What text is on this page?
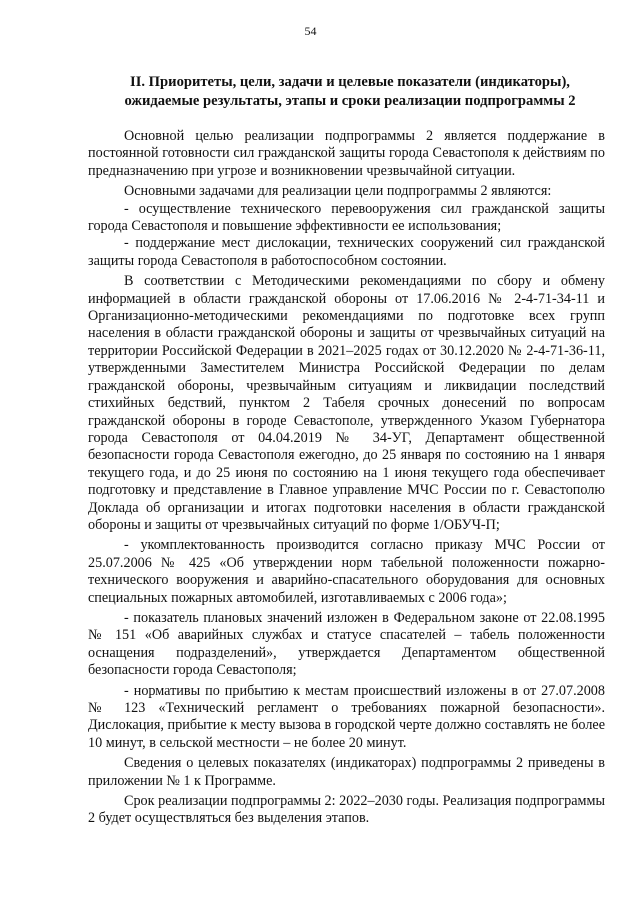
54
II. Приоритеты, цели, задачи и целевые показатели (индикаторы),
ожидаемые результаты, этапы и сроки реализации подпрограммы 2

Основной целью реализации подпрограммы 2 является поддержание в постоянной готовности сил гражданской защиты города Севастополя к действиям по предназначению при угрозе и возникновении чрезвычайной ситуации.

Основными задачами для реализации цели подпрограммы 2 являются:

- осуществление технического перевооружения сил гражданской защиты города Севастополя и повышение эффективности ее использования;

- поддержание мест дислокации, технических сооружений сил гражданской защиты города Севастополя в работоспособном состоянии.

В соответствии с Методическими рекомендациями по сбору и обмену информацией в области гражданской обороны от 17.06.2016 № 2-4-71-34-11 и Организационно-методическими рекомендациями по подготовке всех групп населения в области гражданской обороны и защиты от чрезвычайных ситуаций на территории Российской Федерации в 2021–2025 годах от 30.12.2020 № 2-4-71-36-11, утвержденными Заместителем Министра Российской Федерации по делам гражданской обороны, чрезвычайным ситуациям и ликвидации последствий стихийных бедствий, пунктом 2 Табеля срочных донесений по вопросам гражданской обороны в городе Севастополе, утвержденного Указом Губернатора города Севастополя от 04.04.2019 № 34-УГ, Департамент общественной безопасности города Севастополя ежегодно, до 25 января по состоянию на 1 января текущего года, и до 25 июня по состоянию на 1 июня текущего года обеспечивает подготовку и представление в Главное управление МЧС России по г. Севастополю Доклада об организации и итогах подготовки населения в области гражданской обороны и защиты от чрезвычайных ситуаций по форме 1/ОБУЧ-П;

- укомплектованность производится согласно приказу МЧС России от 25.07.2006 № 425 «Об утверждении норм табельной положенности пожарно-технического вооружения и аварийно-спасательного оборудования для основных специальных пожарных автомобилей, изготавливаемых с 2006 года»;

- показатель плановых значений изложен в Федеральном законе от 22.08.1995 № 151 «Об аварийных службах и статусе спасателей – табель положенности оснащения подразделений», утверждается Департаментом общественной безопасности города Севастополя;

- нормативы по прибытию к местам происшествий изложены в от 27.07.2008 № 123 «Технический регламент о требованиях пожарной безопасности». Дислокация, прибытие к месту вызова в городской черте должно составлять не более 10 минут, в сельской местности – не более 20 минут.

Сведения о целевых показателях (индикаторах) подпрограммы 2 приведены в приложении № 1 к Программе.

Срок реализации подпрограммы 2: 2022–2030 годы. Реализация подпрограммы 2 будет осуществляться без выделения этапов.
